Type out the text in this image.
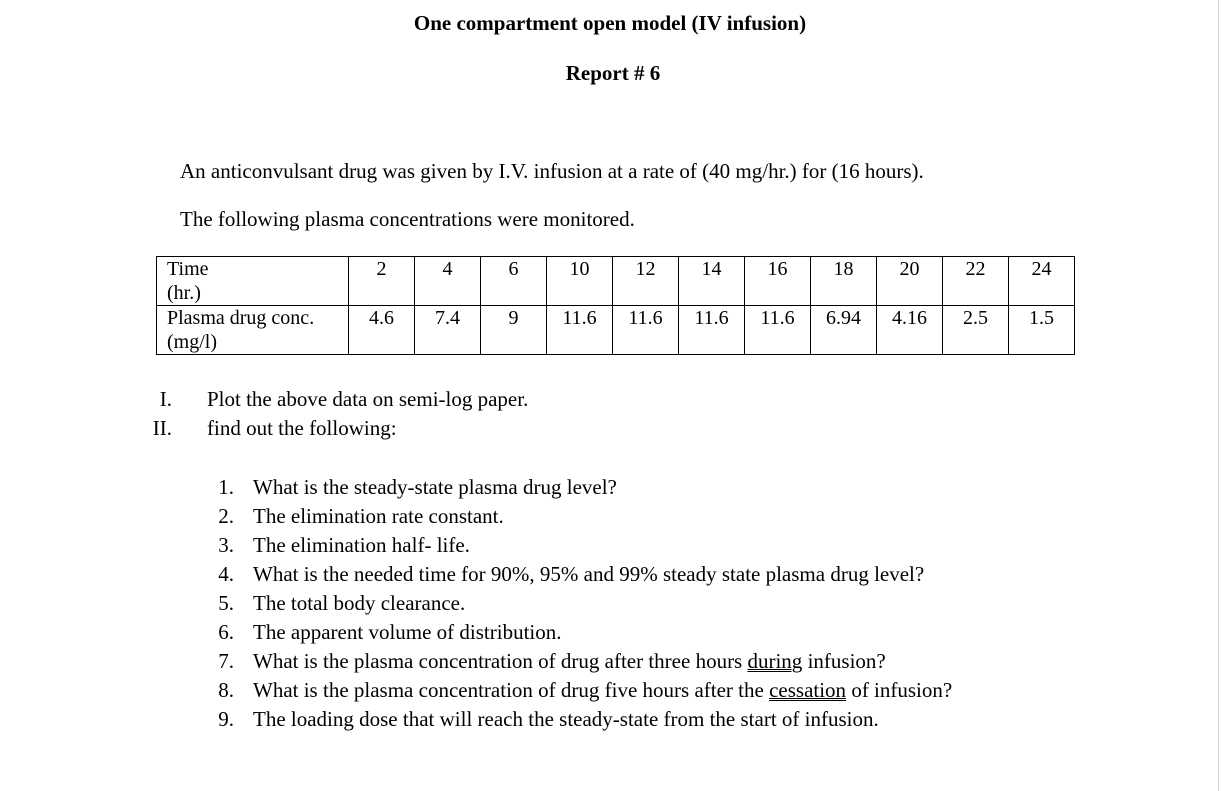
One compartment open model (IV infusion)
Report # 6
An anticonvulsant drug was given by I.V. infusion at a rate of (40 mg/hr.) for (16 hours).
The following plasma concentrations were monitored.
Time
(hr.)	2	4	6	10	12	14	16	18	20	22	24

Plasma drug conc.
(mg/l)	4.6	7.4	9	11.6	11.6	11.6	11.6	6.94	4.16	2.5	1.5
I. Plot the above data on semi-log paper.
II. find out the following:
1. What is the steady-state plasma drug level?
2. The elimination rate constant.
3. The elimination half- life.
4. What is the needed time for 90%, 95% and 99% steady state plasma drug level?
5. The total body clearance.
6. The apparent volume of distribution.
7. What is the plasma concentration of drug after three hours during infusion?
8. What is the plasma concentration of drug five hours after the cessation of infusion?
9. The loading dose that will reach the steady-state from the start of infusion.
